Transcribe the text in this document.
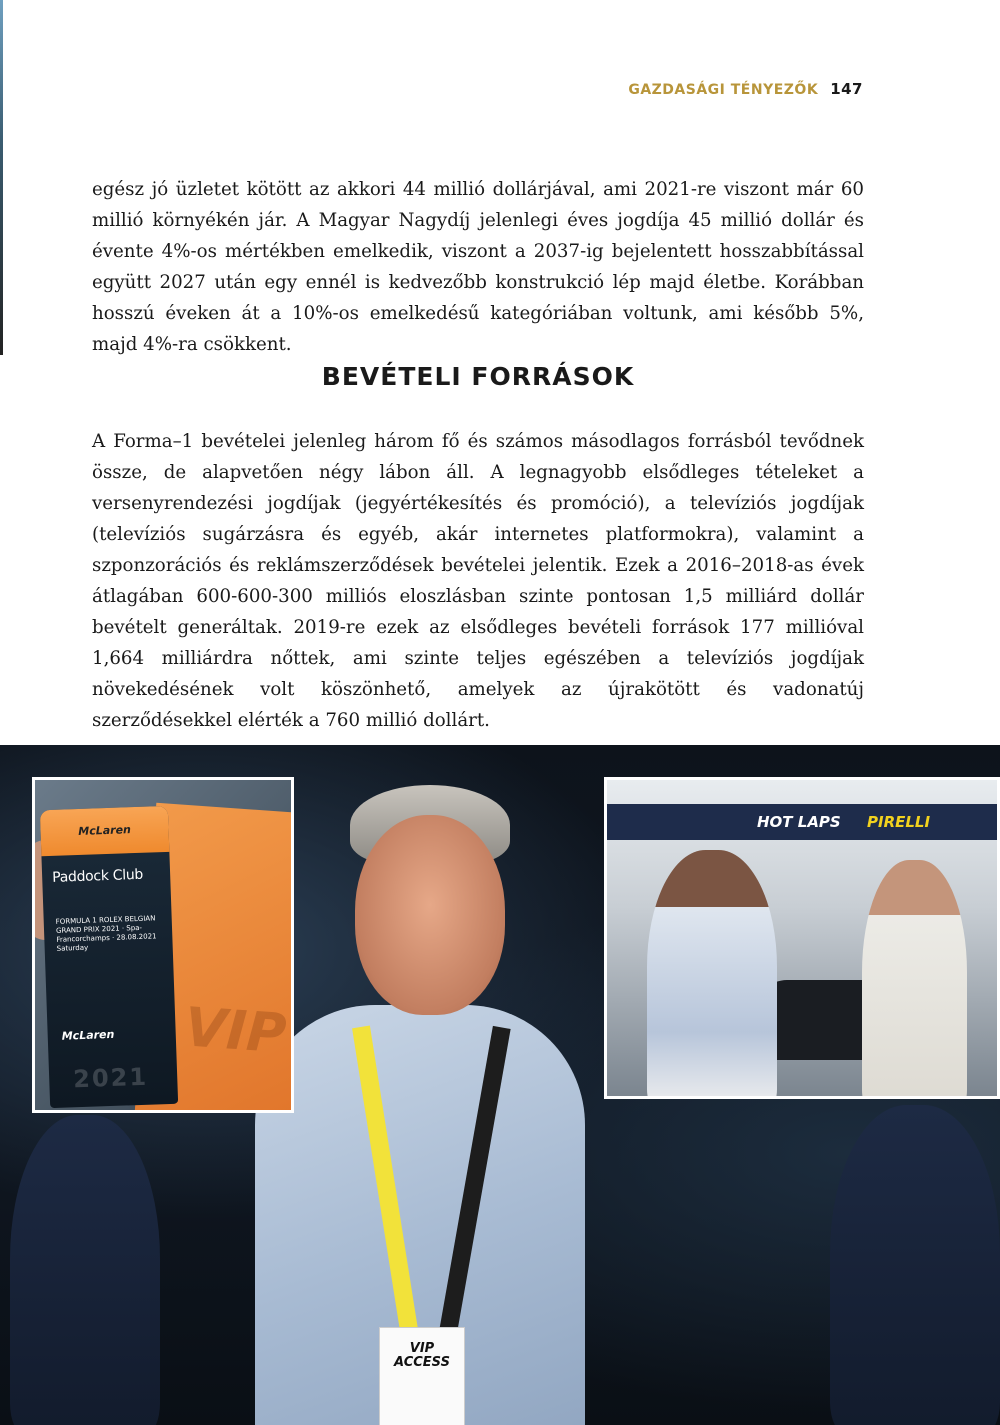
GAZDASÁGI TÉNYEZŐK 147

egész jó üzletet kötött az akkori 44 millió dollárjával, ami 2021-re viszont már 60 millió környékén jár. A Magyar Nagydíj jelenlegi éves jogdíja 45 millió dollár és évente 4%-os mértékben emelkedik, viszont a 2037-ig bejelentett hosszabbítással együtt 2027 után egy ennél is kedvezőbb konstrukció lép majd életbe. Korábban hosszú éveken át a 10%-os emelkedésű kategóriában voltunk, ami később 5%, majd 4%-ra csökkent.

BEVÉTELI FORRÁSOK

A Forma–1 bevételei jelenleg három fő és számos másodlagos forrásból tevődnek össze, de alapvetően négy lábon áll. A legnagyobb elsődleges tételeket a versenyrendezési jogdíjak (jegyértékesítés és promóció), a televíziós jogdíjak (televíziós sugárzásra és egyéb, akár internetes platformokra), valamint a szponzorációs és reklámszerződések bevételei jelentik. Ezek a 2016–2018-as évek átlagában 600-600-300 milliós eloszlásban szinte pontosan 1,5 milliárd dollár bevételt generáltak. 2019-re ezek az elsődleges bevételi források 177 millióval 1,664 milliárdra nőttek, ami szinte teljes egészében a televíziós jogdíjak növekedésének volt köszönhető, amelyek az újrakötött és vadonatúj szerződésekkel elérték a 760 millió dollárt.

VIP ACCESS
VIP
McLaren
Paddock Club
FORMULA 1 ROLEX BELGIAN GRAND PRIX 2021 · Spa-Francorchamps · 28.08.2021 Saturday
McLaren
2021
HOT LAPS PIRELLI
